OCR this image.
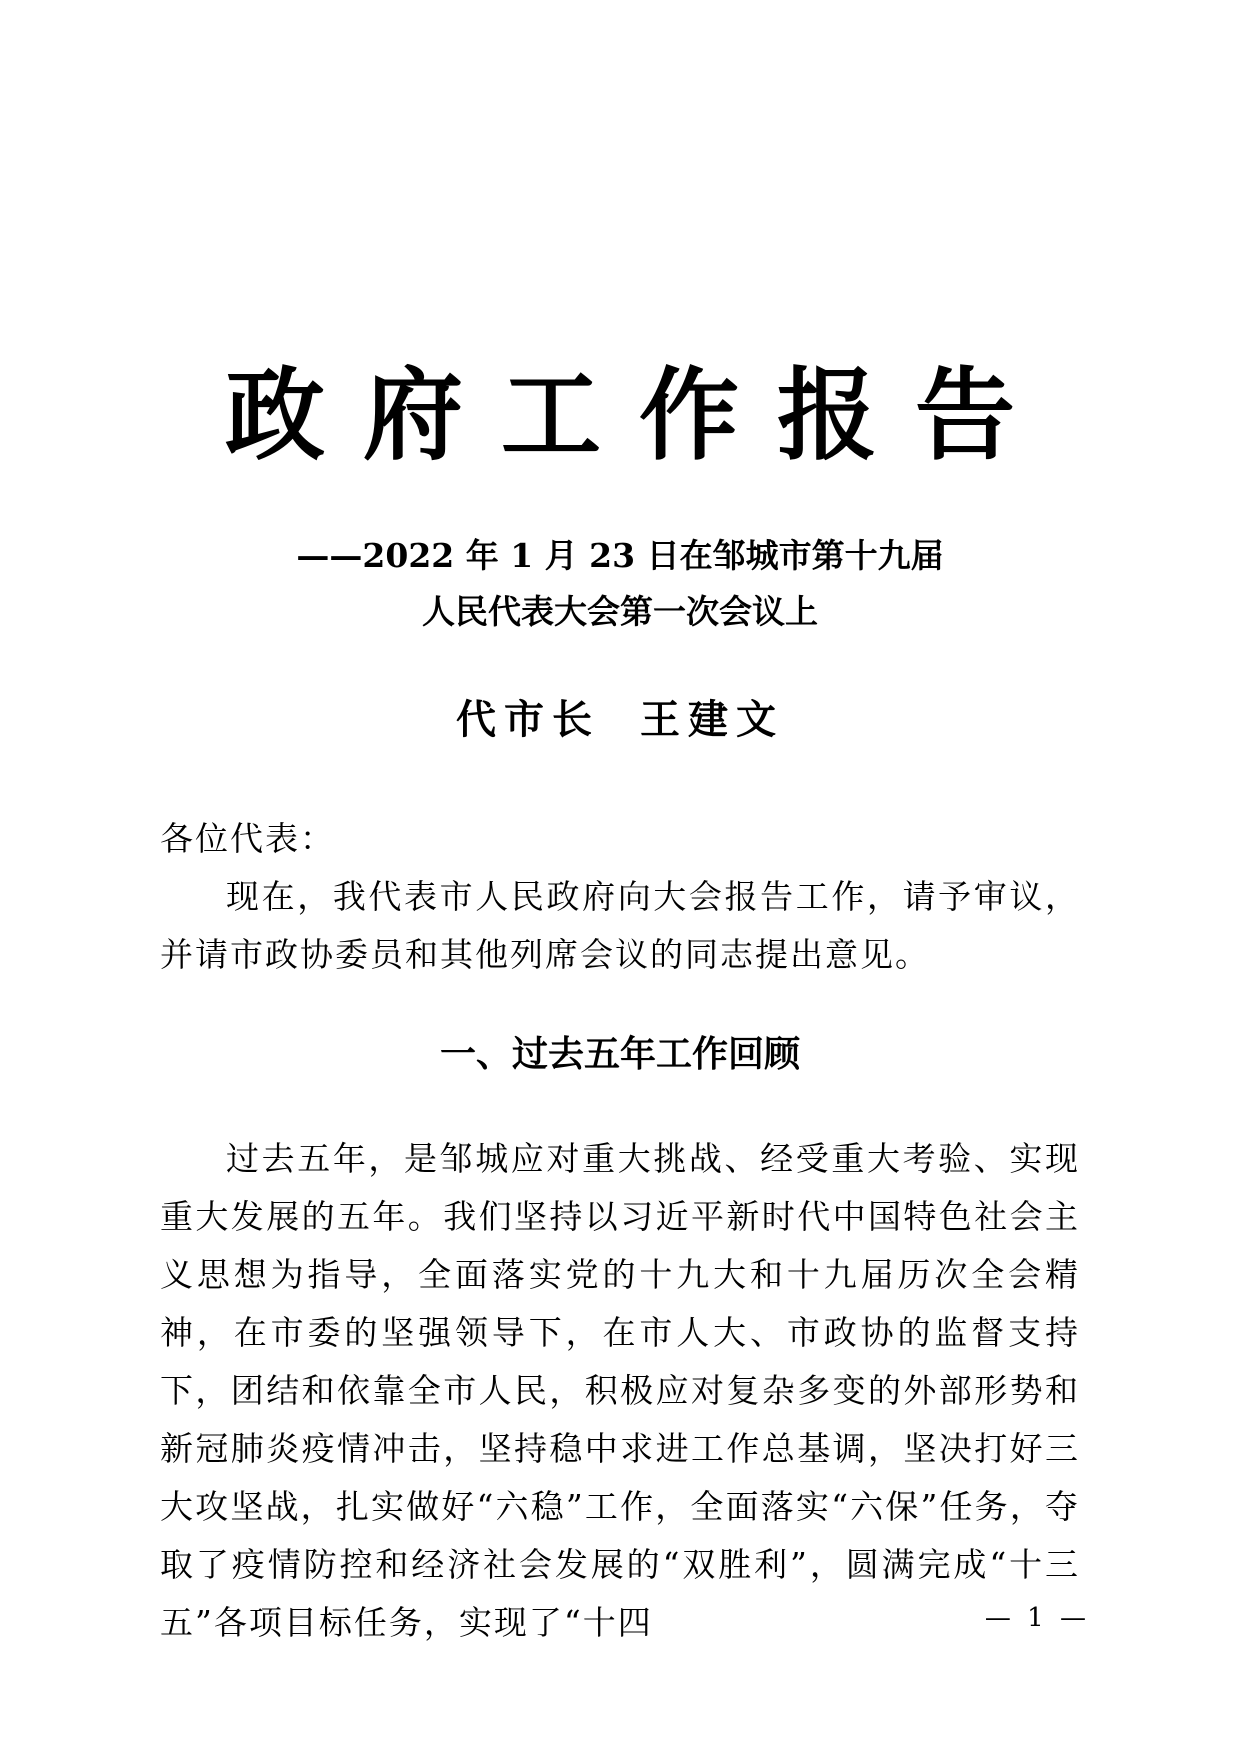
政府工作报告
——2022 年 1 月 23 日在邹城市第十九届
人民代表大会第一次会议上
代市长 王建文
各位代表：
现在，我代表市人民政府向大会报告工作，请予审议，并请市政协委员和其他列席会议的同志提出意见。
一、过去五年工作回顾
过去五年，是邹城应对重大挑战、经受重大考验、实现重大发展的五年。我们坚持以习近平新时代中国特色社会主义思想为指导，全面落实党的十九大和十九届历次全会精神，在市委的坚强领导下，在市人大、市政协的监督支持下，团结和依靠全市人民，积极应对复杂多变的外部形势和新冠肺炎疫情冲击，坚持稳中求进工作总基调，坚决打好三大攻坚战，扎实做好“六稳”工作，全面落实“六保”任务，夺取了疫情防控和经济社会发展的“双胜利”，圆满完成“十三五”各项目标任务，实现了“十四	— 1 —
